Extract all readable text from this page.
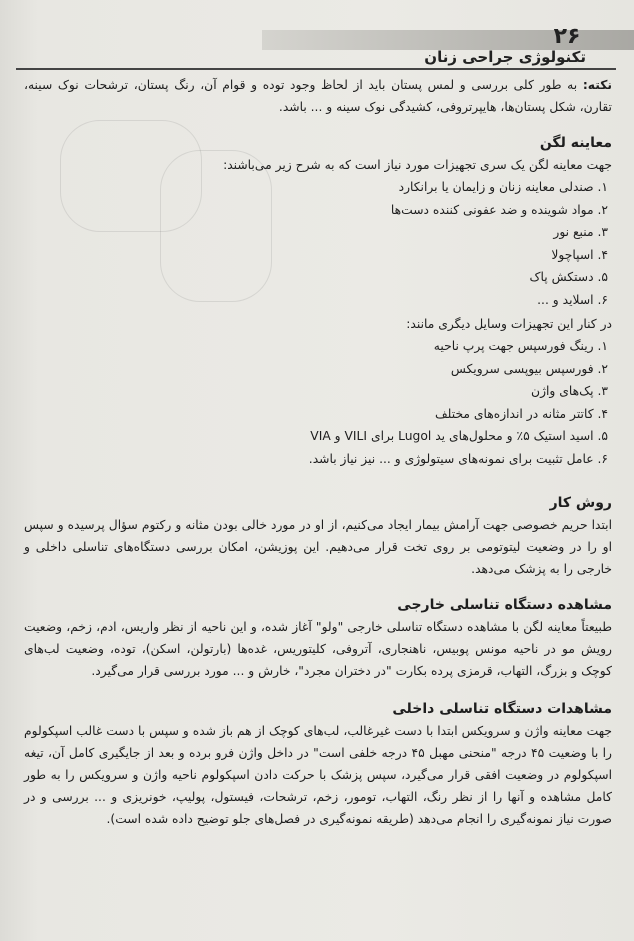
۲۶
تکنولوژی جراحی زنان

نکته: به طور کلی بررسی و لمس پستان باید از لحاظ وجود توده و قوام آن، رنگ پستان، ترشحات نوک سینه، تقارن، شکل پستان‌ها، هایپرتروفی، کشیدگی نوک سینه و ... باشد.

معاینه لگن

جهت معاینه لگن یک سری تجهیزات مورد نیاز است که به شرح زیر می‌باشند:

۱. صندلی معاینه زنان و زایمان یا برانکارد
۲. مواد شوینده و ضد عفونی کننده دست‌ها
۳. منبع نور
۴. اسپاچولا
۵. دستکش پاک
۶. اسلاید و ...

در کنار این تجهیزات وسایل دیگری مانند:

۱. رینگ فورسپس جهت پرپ ناحیه
۲. فورسپس بیوپسی سرویکس
۳. پک‌های واژن
۴. کاتتر مثانه در اندازه‌های مختلف
۵. اسید استیک ۵٪ و محلول‌های ید Lugol برای VILI و VIA
۶. عامل تثبیت برای نمونه‌های سیتولوژی و ... نیز نیاز باشد.
روش کار

ابتدا حریم خصوصی جهت آرامش بیمار ایجاد می‌کنیم، از او در مورد خالی بودن مثانه و رکتوم سؤال پرسیده و سپس او را در وضعیت لیتوتومی بر روی تخت قرار می‌دهیم. این پوزیشن، امکان بررسی دستگاه‌های تناسلی داخلی و خارجی را به پزشک می‌دهد.

مشاهده دستگاه تناسلی خارجی

طبیعتاً معاینه لگن با مشاهده دستگاه تناسلی خارجی "ولو" آغاز شده، و این ناحیه از نظر واریس، ادم، زخم، وضعیت رویش مو در ناحیه مونس پوبیس، ناهنجاری، آتروفی، کلیتوریس، غده‌ها (بارتولن، اسکن)، توده، وضعیت لب‌های کوچک و بزرگ، التهاب، قرمزی پرده بکارت "در دختران مجرد"، خارش و ... مورد بررسی قرار می‌گیرد.

مشاهدات دستگاه تناسلی داخلی

جهت معاینه واژن و سرویکس ابتدا با دست غیرغالب، لب‌های کوچک از هم باز شده و سپس با دست غالب اسپکولوم را با وضعیت ۴۵ درجه "منحنی مهبل ۴۵ درجه خلفی است" در داخل واژن فرو برده و بعد از جایگیری کامل آن، تیغه اسپکولوم در وضعیت افقی قرار می‌گیرد، سپس پزشک با حرکت دادن اسپکولوم ناحیه واژن و سرویکس را به طور کامل مشاهده و آنها را از نظر رنگ، التهاب، تومور، زخم، ترشحات، فیستول، پولیپ، خونریزی و ... بررسی و در صورت نیاز نمونه‌گیری را انجام می‌دهد (طریقه نمونه‌گیری در فصل‌های جلو توضیح داده شده است).
